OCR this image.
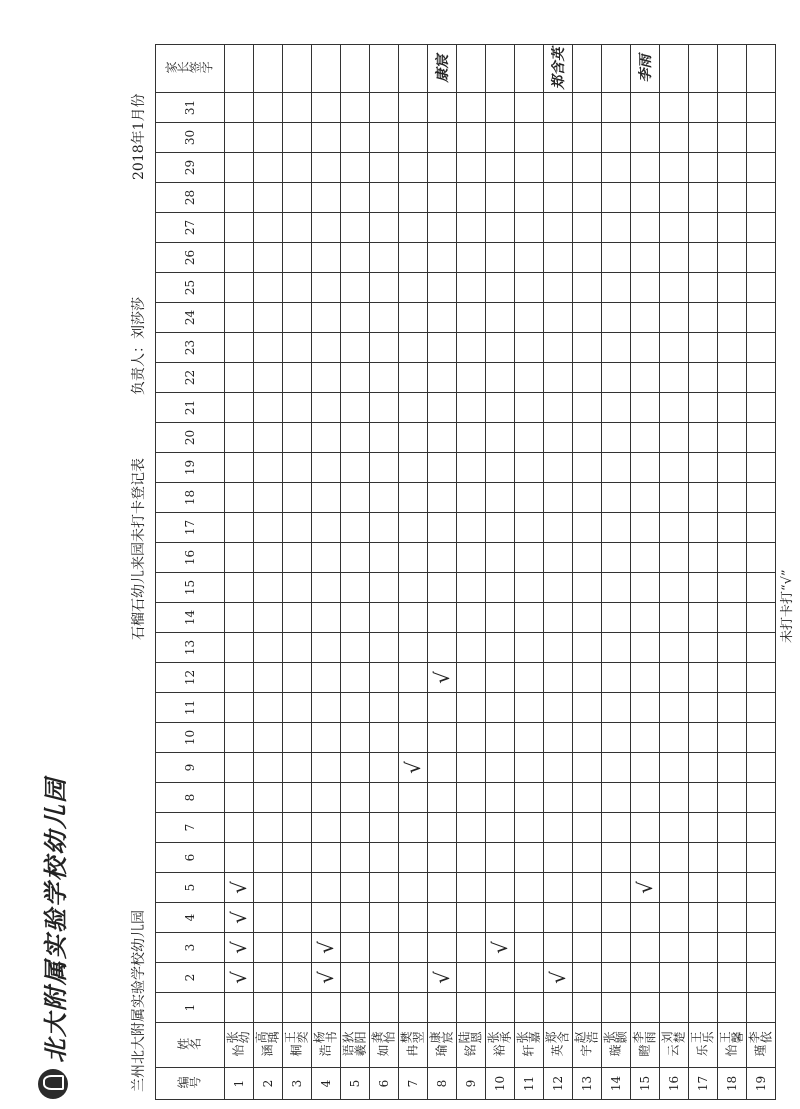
北大附属实验学校幼儿园	兰州北大附属实验学校幼儿园
石榴石幼儿来园未打卡登记表
负责人：刘莎莎
2018年1月份
编号	姓名	1	2	3	4	5	6	7	8	9	10	11	12	13	14	15	16	17	18	19	20	21	22	23	24	25	26	27	28	29	30	31	家长签字
1	张幼怡		√	√	√	√																											
2	高瑀涵																																
3	王奕桐																																
4	杨书浩		√	√																													
5	狄阳语羲																																
6	龚怡如																																
7	樊翌冉									√																							
8	康宸瑜		√										√																				康宸
9	陆恩铭																																
10	张承裕			√																													
11	张嘉轩																																
12	郑含英		√																														郑含英
13	赵浩宇																																
14	张颢璇																																
15	李雨瞪					√																											李雨
16	刘楚云																																
17	王乐乐																																
18	王馨怡																																
19	李依瑾																																
未打卡打“√”
